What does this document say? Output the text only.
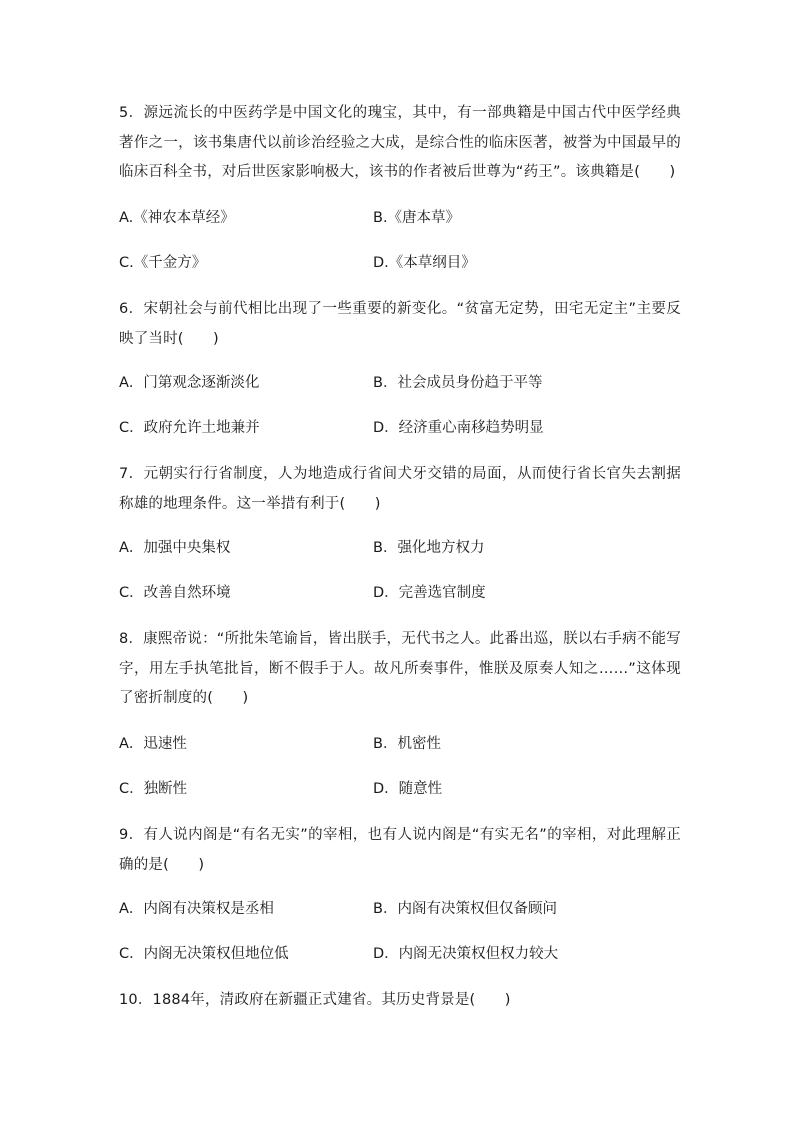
5．源远流长的中医药学是中国文化的瑰宝，其中，有一部典籍是中国古代中医学经典著作之一，该书集唐代以前诊治经验之大成，是综合性的临床医著，被誉为中国最早的临床百科全书，对后世医家影响极大，该书的作者被后世尊为“药王”。该典籍是(　　)

A.《神农本草经》	B.《唐本草》

C.《千金方》	D.《本草纲目》

6．宋朝社会与前代相比出现了一些重要的新变化。“贫富无定势，田宅无定主”主要反映了当时(　　)

A．门第观念逐渐淡化	B．社会成员身份趋于平等

C．政府允许土地兼并	D．经济重心南移趋势明显

7．元朝实行行省制度，人为地造成行省间犬牙交错的局面，从而使行省长官失去割据称雄的地理条件。这一举措有利于(　　)

A．加强中央集权	B．强化地方权力

C．改善自然环境	D．完善选官制度

8．康熙帝说：“所批朱笔谕旨，皆出朕手，无代书之人。此番出巡，朕以右手病不能写字，用左手执笔批旨，断不假手于人。故凡所奏事件，惟朕及原奏人知之……”这体现了密折制度的(　　)

A．迅速性	B．机密性

C．独断性	D．随意性

9．有人说内阁是“有名无实”的宰相，也有人说内阁是“有实无名”的宰相，对此理解正确的是(　　)

A．内阁有决策权是丞相	B．内阁有决策权但仅备顾问

C．内阁无决策权但地位低	D．内阁无决策权但权力较大

10．1884年，清政府在新疆正式建省。其历史背景是(　　)
